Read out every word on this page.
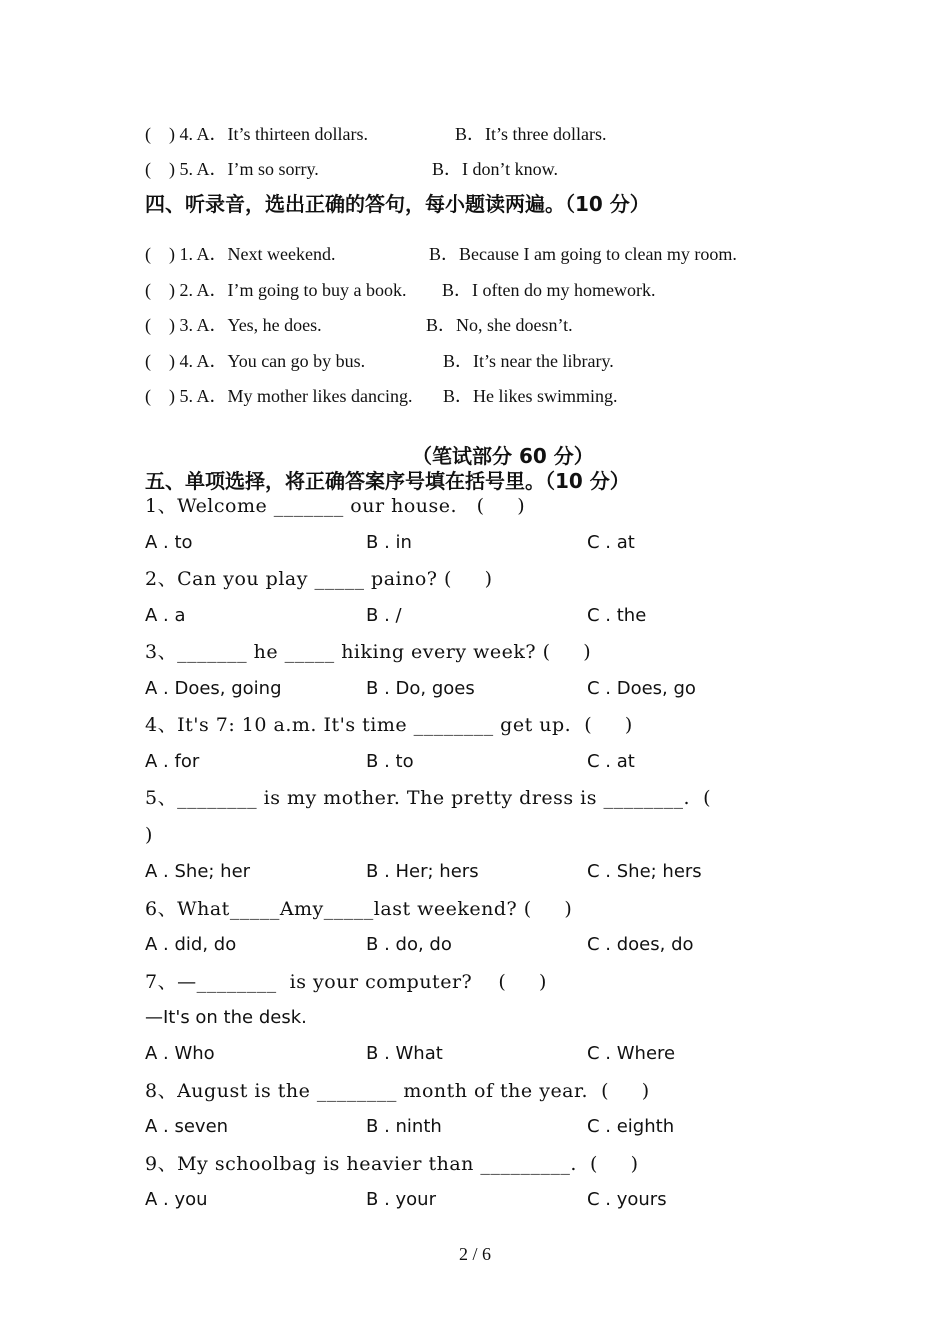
(    ) 4. A．It’s thirteen dollars.	B．It’s three dollars.
(    ) 5. A．I’m so sorry.	B．I don’t know.
四、听录音，选出正确的答句，每小题读两遍。（10 分）
(    ) 1. A．Next weekend.	B．Because I am going to clean my room.
(    ) 2. A．I’m going to buy a book. B．I often do my homework.
(    ) 3. A．Yes, he does.	B．No, she doesn’t.
(    ) 4. A．You can go by bus.	B．It’s near the library.
(    ) 5. A．My mother likes dancing. B．He likes swimming.
（笔试部分 60 分）
五、单项选择，将正确答案序号填在括号里。（10 分）
1、Welcome _______ our house.   (     )
A . to	B . in	C . at
2、Can you play _____ paino? (     )
A . a	B . /	C . the
3、_______ he _____ hiking every week? (     )
A . Does, going	B . Do, goes	C . Does, go
4、It's 7: 10 a.m. It's time ________ get up.  (     )
A . for	B . to	C . at
5、________ is my mother. The pretty dress is ________.  (
)
A . She; her	B . Her; hers	C . She; hers
6、What_____Amy_____last weekend? (     )
A . did, do	B . do, do	C . does, do
7、—________  is your computer?    (     )
—It's on the desk.
A . Who	B . What	C . Where
8、August is the ________ month of the year.  (     )
A . seven	B . ninth	C . eighth
9、My schoolbag is heavier than _________.  (     )
A . you	B . your	C . yours
2 / 6
